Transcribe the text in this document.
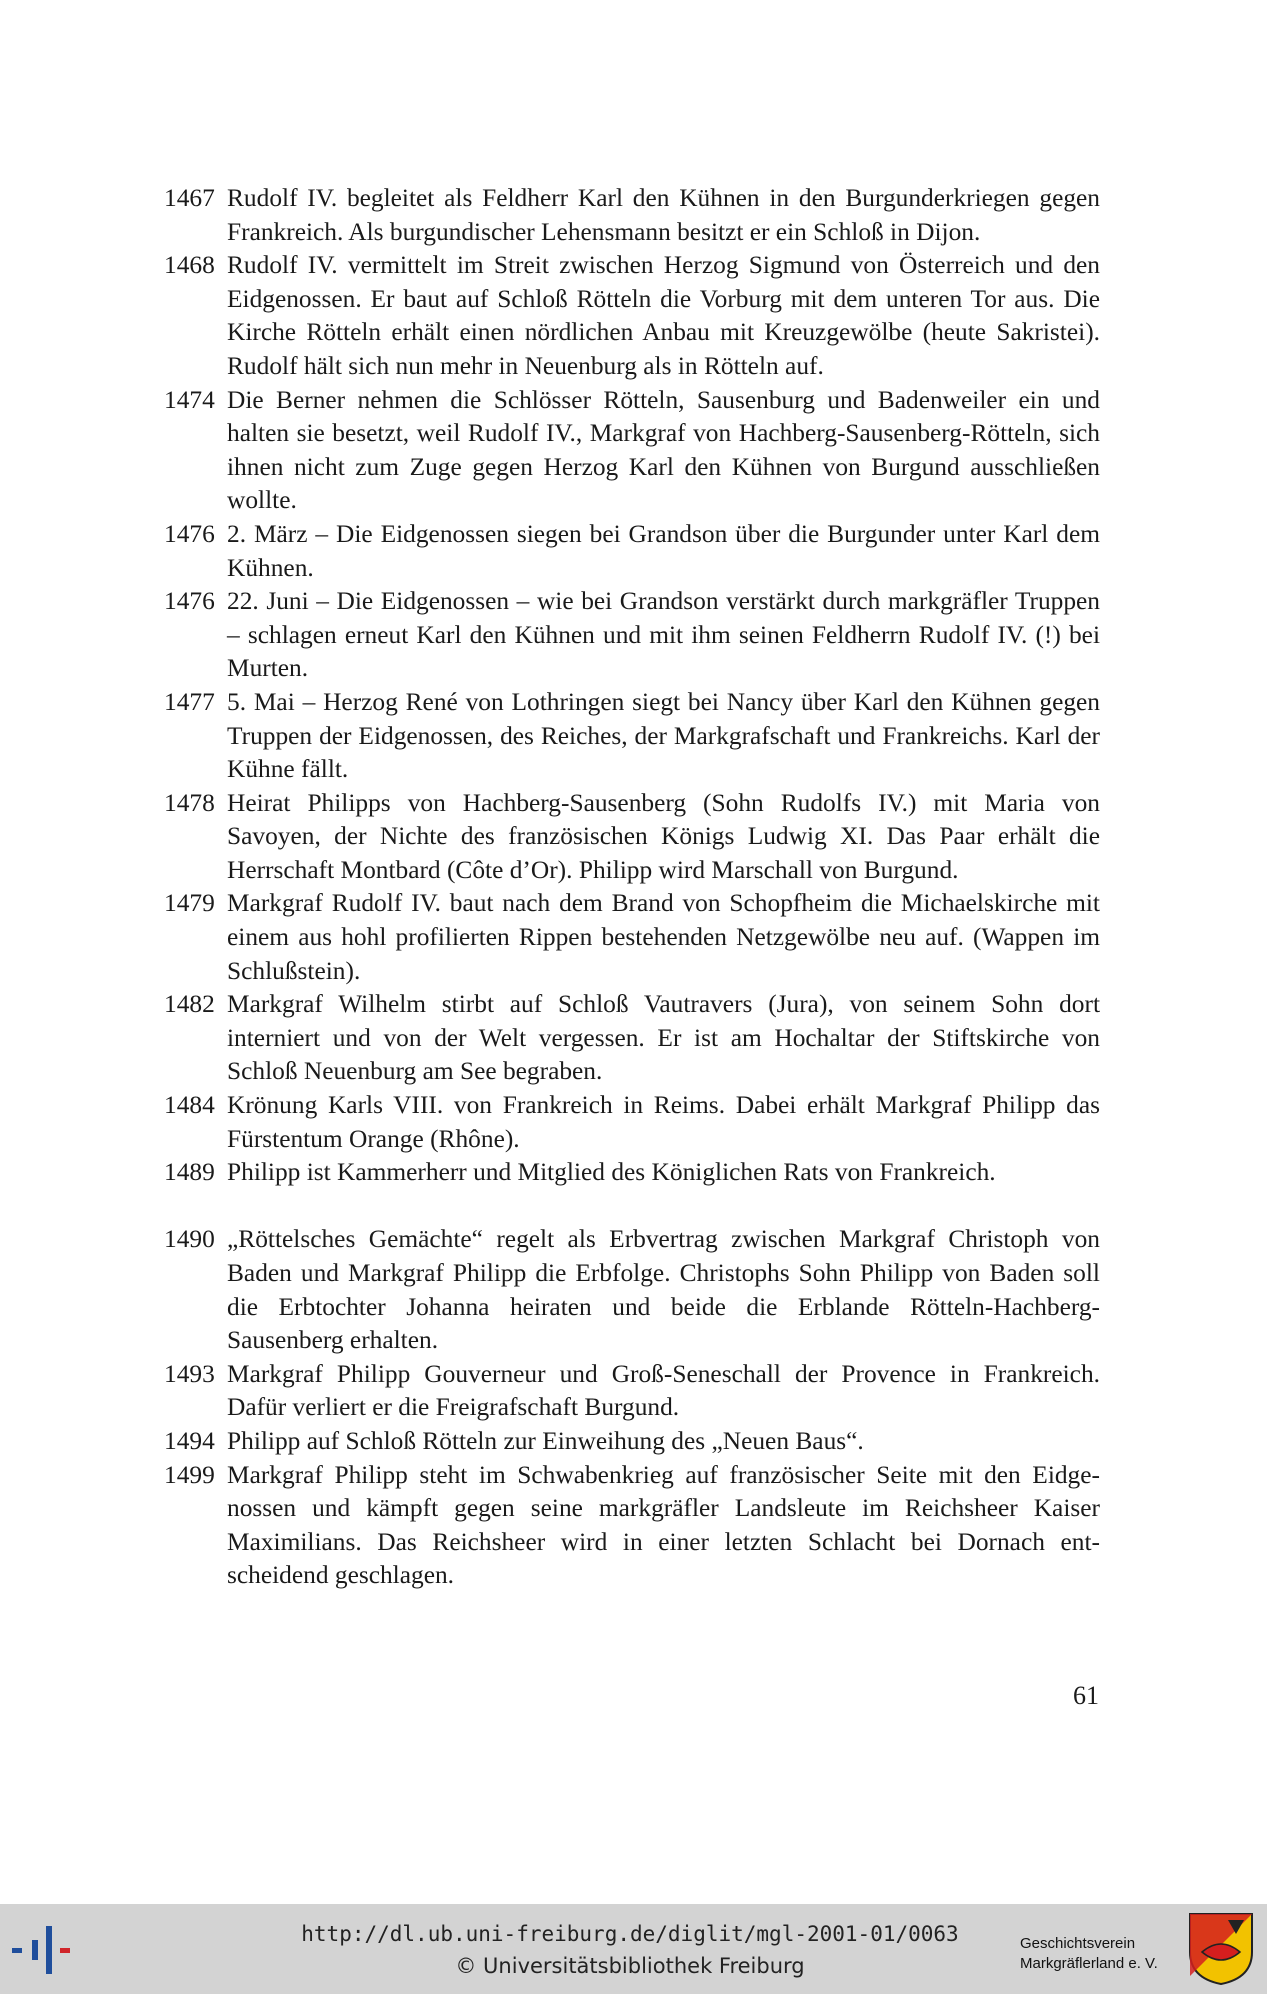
1467 Rudolf IV. begleitet als Feldherr Karl den Kühnen in den Burgunderkriegen gegen Frankreich. Als burgundischer Lehensmann besitzt er ein Schloß in Dijon.
1468 Rudolf IV. vermittelt im Streit zwischen Herzog Sigmund von Österreich und den Eidgenossen. Er baut auf Schloß Rötteln die Vorburg mit dem unteren Tor aus. Die Kirche Rötteln erhält einen nördlichen Anbau mit Kreuzgewölbe (heute Sakristei). Rudolf hält sich nun mehr in Neuenburg als in Rötteln auf.
1474 Die Berner nehmen die Schlösser Rötteln, Sausenburg und Badenweiler ein und halten sie besetzt, weil Rudolf IV., Markgraf von Hachberg-Sausenberg-Rötteln, sich ihnen nicht zum Zuge gegen Herzog Karl den Kühnen von Burgund ausschließen wollte.
1476 2. März – Die Eidgenossen siegen bei Grandson über die Burgunder unter Karl dem Kühnen.
1476 22. Juni – Die Eidgenossen – wie bei Grandson verstärkt durch markgräfler Truppen – schlagen erneut Karl den Kühnen und mit ihm seinen Feldherrn Rudolf IV. (!) bei Murten.
1477 5. Mai – Herzog René von Lothringen siegt bei Nancy über Karl den Kühnen gegen Truppen der Eidgenossen, des Reiches, der Markgrafschaft und Frankreichs. Karl der Kühne fällt.
1478 Heirat Philipps von Hachberg-Sausenberg (Sohn Rudolfs IV.) mit Maria von Savoyen, der Nichte des französischen Königs Ludwig XI. Das Paar erhält die Herrschaft Montbard (Côte d’Or). Philipp wird Marschall von Burgund.
1479 Markgraf Rudolf IV. baut nach dem Brand von Schopfheim die Michaelskirche mit einem aus hohl profilierten Rippen bestehenden Netzgewölbe neu auf. (Wappen im Schlußstein).
1482 Markgraf Wilhelm stirbt auf Schloß Vautravers (Jura), von seinem Sohn dort interniert und von der Welt vergessen. Er ist am Hochaltar der Stiftskirche von Schloß Neuenburg am See begraben.
1484 Krönung Karls VIII. von Frankreich in Reims. Dabei erhält Markgraf Philipp das Fürstentum Orange (Rhône).
1489 Philipp ist Kammerherr und Mitglied des Königlichen Rats von Frankreich.
1490 „Röttelsches Gemächte“ regelt als Erbvertrag zwischen Markgraf Christoph von Baden und Markgraf Philipp die Erbfolge. Christophs Sohn Philipp von Baden soll die Erbtochter Johanna heiraten und beide die Erblande Rötteln-Hachberg-Sausenberg erhalten.
1493 Markgraf Philipp Gouverneur und Groß-Seneschall der Provence in Frankreich. Dafür verliert er die Freigrafschaft Burgund.
1494 Philipp auf Schloß Rötteln zur Einweihung des „Neuen Baus“.
1499 Markgraf Philipp steht im Schwabenkrieg auf französischer Seite mit den Eidgenossen und kämpft gegen seine markgräfler Landsleute im Reichsheer Kaiser Maximilians. Das Reichsheer wird in einer letzten Schlacht bei Dornach entscheidend geschlagen.
61
http://dl.ub.uni-freiburg.de/diglit/mgl-2001-01/0063
© Universitätsbibliothek Freiburg
Geschichtsverein
Markgräflerland e. V.
